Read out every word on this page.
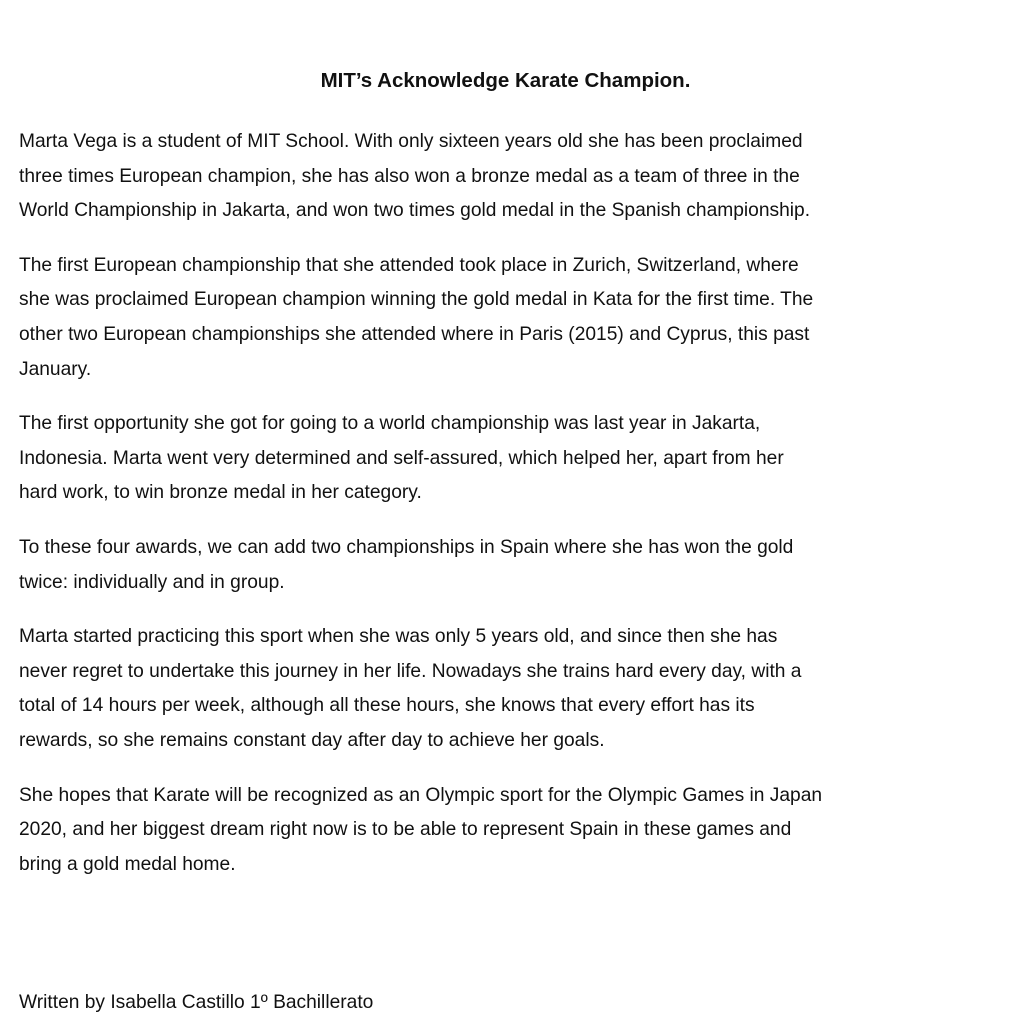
MIT’s Acknowledge Karate Champion.

Marta Vega is a student of MIT School. With only sixteen years old she has been proclaimed
three times European champion, she has also won a bronze medal as a team of three in the
World Championship in Jakarta, and won two times gold medal in the Spanish championship.

The first European championship that she attended took place in Zurich, Switzerland, where
she was proclaimed European champion winning the gold medal in Kata for the first time. The
other two European championships she attended where in Paris (2015) and Cyprus, this past
January.

The first opportunity she got for going to a world championship was last year in Jakarta,
Indonesia. Marta went very determined and self-assured, which helped her, apart from her
hard work, to win bronze medal in her category.

To these four awards, we can add two championships in Spain where she has won the gold
twice: individually and in group.

Marta started practicing this sport when she was only 5 years old, and since then she has
never regret to undertake this journey in her life. Nowadays she trains hard every day, with a
total of 14 hours per week, although all these hours, she knows that every effort has its
rewards, so she remains constant day after day to achieve her goals.

She hopes that Karate will be recognized as an Olympic sport for the Olympic Games in Japan
2020, and her biggest dream right now is to be able to represent Spain in these games and
bring a gold medal home.

Written by Isabella Castillo 1º Bachillerato
